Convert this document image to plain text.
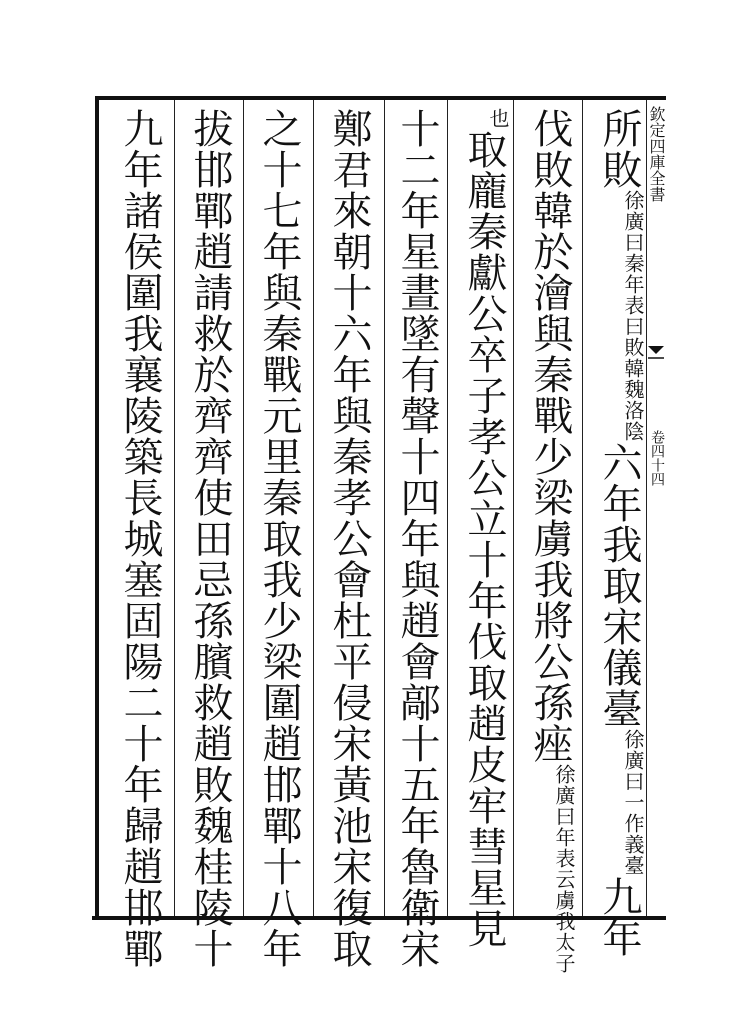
所敗徐廣曰秦年表曰敗韓魏洛陰六年我取宋儀臺徐廣曰一作義臺九年
伐敗韓於澮與秦戰少梁虜我將公孫痤徐廣曰年表云虜我太子
也取龐秦獻公卒子孝公立十年伐取趙皮牢彗星見
十二年星晝墜有聲十四年與趙會鄗十五年魯衛宋
鄭君來朝十六年與秦孝公會杜平侵宋黃池宋復取
之十七年與秦戰元里秦取我少梁圍趙邯鄲十八年
拔邯鄲趙請救於齊齊使田忌孫臏救趙敗魏桂陵十
九年諸侯圍我襄陵築長城塞固陽二十年歸趙邯鄲	欽定四庫全書
卷四十四
